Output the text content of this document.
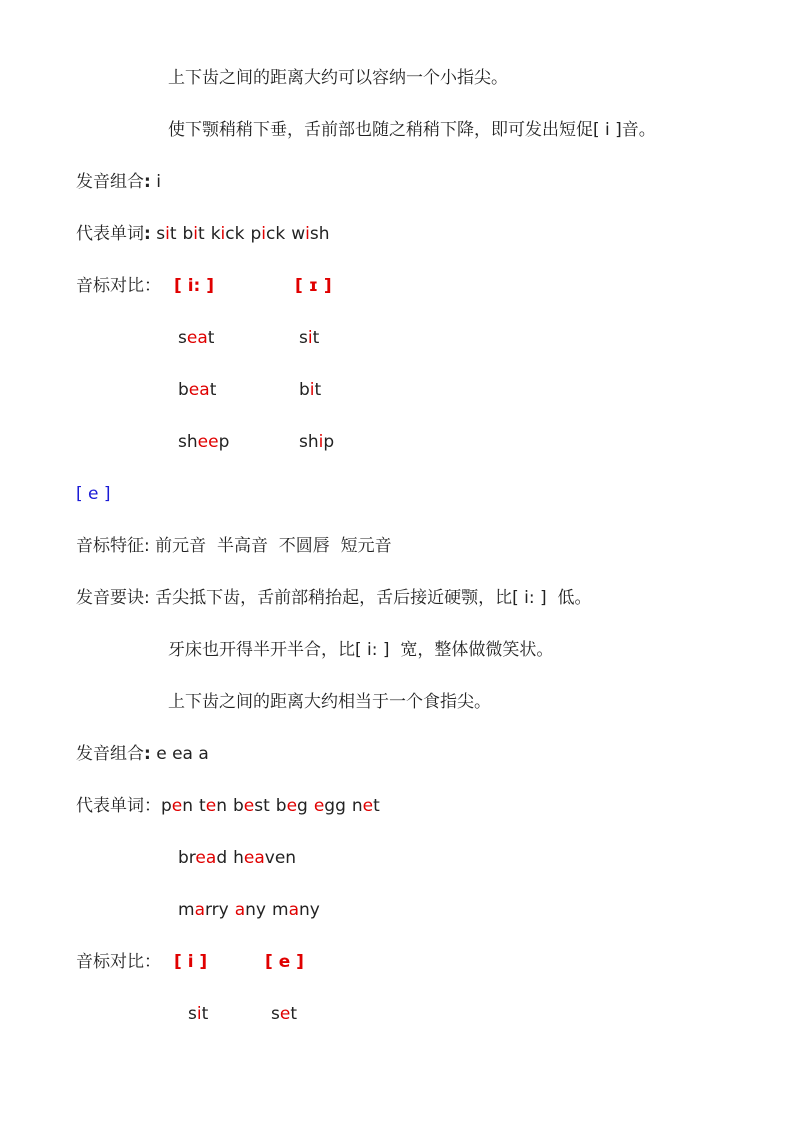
上下齿之间的距离大约可以容纳一个小指尖。
使下颚稍稍下垂，舌前部也随之稍稍下降，即可发出短促[ i ]音。
发音组合: i
代表单词: sit bit kick pick wish
音标对比： [ i: ]	[ ɪ ]
seat	sit
beat	bit
sheep	ship
[ e ]
音标特征: 前元音  半高音  不圆唇  短元音
发音要诀: 舌尖抵下齿，舌前部稍抬起，舌后接近硬颚，比[ i: ]  低。
牙床也开得半开半合，比[ i: ]  宽，整体做微笑状。
上下齿之间的距离大约相当于一个食指尖。
发音组合: e ea a
代表单词：pen ten best beg egg net
bread heaven
marry any many
音标对比： [ i ]	[ e ]
sit	set
